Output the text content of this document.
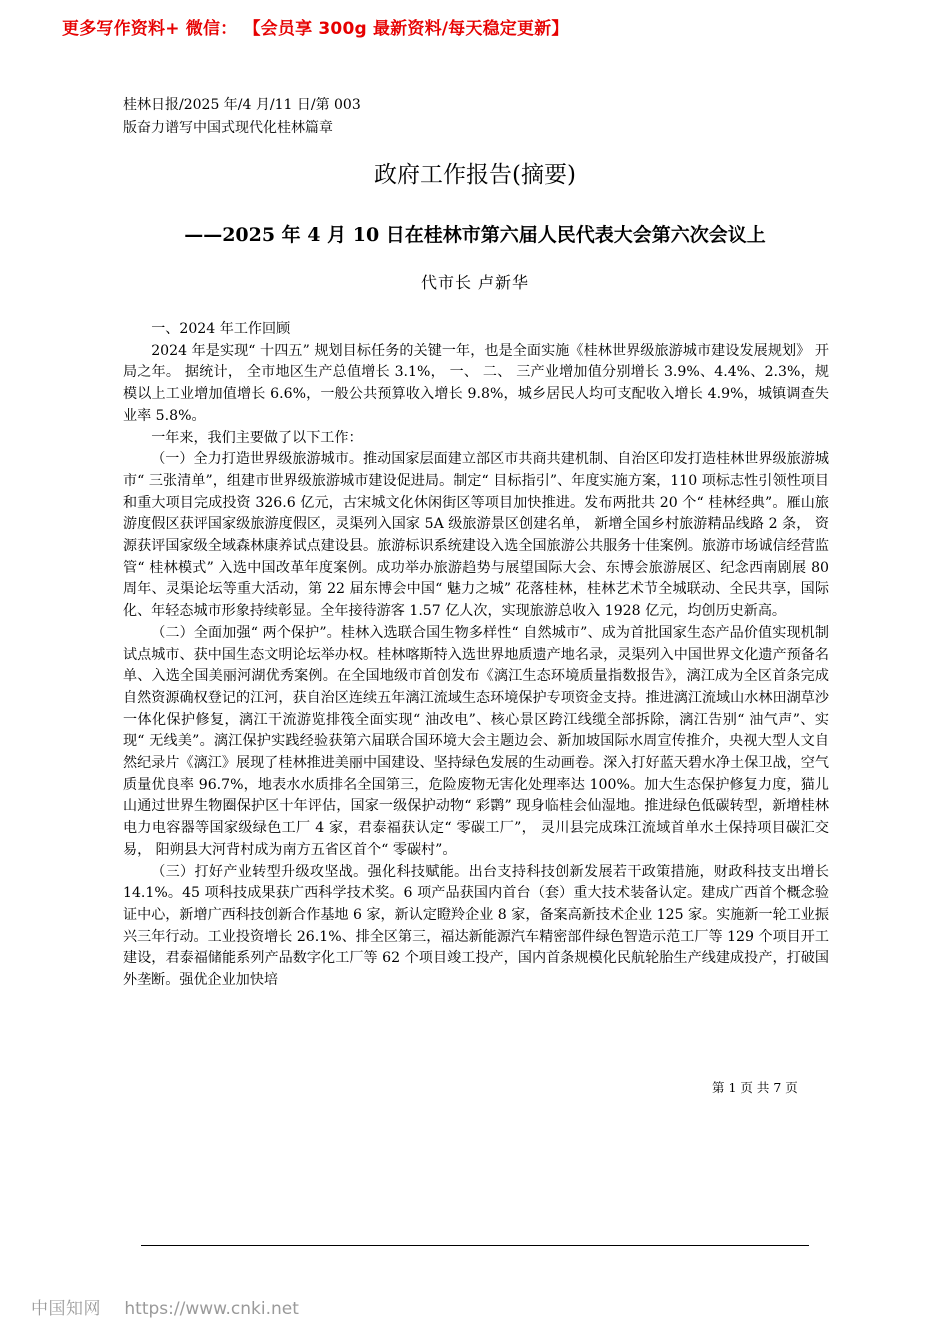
更多写作资料+ 微信： 【会员享 300g 最新资料/每天稳定更新】
桂林日报/2025 年/4 月/11 日/第 003
版奋力谱写中国式现代化桂林篇章
政府工作报告(摘要)
——2025 年 4 月 10 日在桂林市第六届人民代表大会第六次会议上
代市长 卢新华

一、2024 年工作回顾

2024 年是实现“ 十四五” 规划目标任务的关键一年，也是全面实施《桂林世界级旅游城市建设发展规划》 开局之年。 据统计， 全市地区生产总值增长 3.1%， 一、 二、 三产业增加值分别增长 3.9%、4.4%、2.3%，规模以上工业增加值增长 6.6%，一般公共预算收入增长 9.8%，城乡居民人均可支配收入增长 4.9%，城镇调查失业率 5.8%。

一年来，我们主要做了以下工作：

（一）全力打造世界级旅游城市。推动国家层面建立部区市共商共建机制、自治区印发打造桂林世界级旅游城市“ 三张清单”，组建市世界级旅游城市建设促进局。制定“ 目标指引”、年度实施方案，110 项标志性引领性项目和重大项目完成投资 326.6 亿元，古宋城文化休闲街区等项目加快推进。发布两批共 20 个“ 桂林经典”。雁山旅游度假区获评国家级旅游度假区，灵渠列入国家 5A 级旅游景区创建名单， 新增全国乡村旅游精品线路 2 条， 资源获评国家级全域森林康养试点建设县。旅游标识系统建设入选全国旅游公共服务十佳案例。旅游市场诚信经营监管“ 桂林模式” 入选中国改革年度案例。成功举办旅游趋势与展望国际大会、东博会旅游展区、纪念西南剧展 80 周年、灵渠论坛等重大活动，第 22 届东博会中国“ 魅力之城” 花落桂林，桂林艺术节全城联动、全民共享，国际化、年轻态城市形象持续彰显。全年接待游客 1.57 亿人次，实现旅游总收入 1928 亿元，均创历史新高。

（二）全面加强“ 两个保护”。桂林入选联合国生物多样性“ 自然城市”、成为首批国家生态产品价值实现机制试点城市、获中国生态文明论坛举办权。桂林喀斯特入选世界地质遗产地名录，灵渠列入中国世界文化遗产预备名单、入选全国美丽河湖优秀案例。在全国地级市首创发布《漓江生态环境质量指数报告》，漓江成为全区首条完成自然资源确权登记的江河，获自治区连续五年漓江流域生态环境保护专项资金支持。推进漓江流域山水林田湖草沙一体化保护修复，漓江干流游览排筏全面实现“ 油改电”、核心景区跨江线缆全部拆除，漓江告别“ 油气声”、实现“ 无线美”。漓江保护实践经验获第六届联合国环境大会主题边会、新加坡国际水周宣传推介，央视大型人文自然纪录片《漓江》展现了桂林推进美丽中国建设、坚持绿色发展的生动画卷。深入打好蓝天碧水净土保卫战，空气质量优良率 96.7%，地表水水质排名全国第三，危险废物无害化处理率达 100%。加大生态保护修复力度，猫儿山通过世界生物圈保护区十年评估，国家一级保护动物“ 彩鹮” 现身临桂会仙湿地。推进绿色低碳转型，新增桂林电力电容器等国家级绿色工厂 4 家，君泰福获认定“ 零碳工厂”， 灵川县完成珠江流域首单水土保持项目碳汇交易， 阳朔县大河背村成为南方五省区首个“ 零碳村”。

（三）打好产业转型升级攻坚战。强化科技赋能。出台支持科技创新发展若干政策措施，财政科技支出增长 14.1%。45 项科技成果获广西科学技术奖。6 项产品获国内首台（套）重大技术装备认定。建成广西首个概念验证中心，新增广西科技创新合作基地 6 家，新认定瞪羚企业 8 家，备案高新技术企业 125 家。实施新一轮工业振兴三年行动。工业投资增长 26.1%、排全区第三，福达新能源汽车精密部件绿色智造示范工厂等 129 个项目开工建设，君泰福储能系列产品数字化工厂等 62 个项目竣工投产，国内首条规模化民航轮胎生产线建成投产，打破国外垄断。强优企业加快培

第 1 页 共 7 页
中国知网 https://www.cnki.net
